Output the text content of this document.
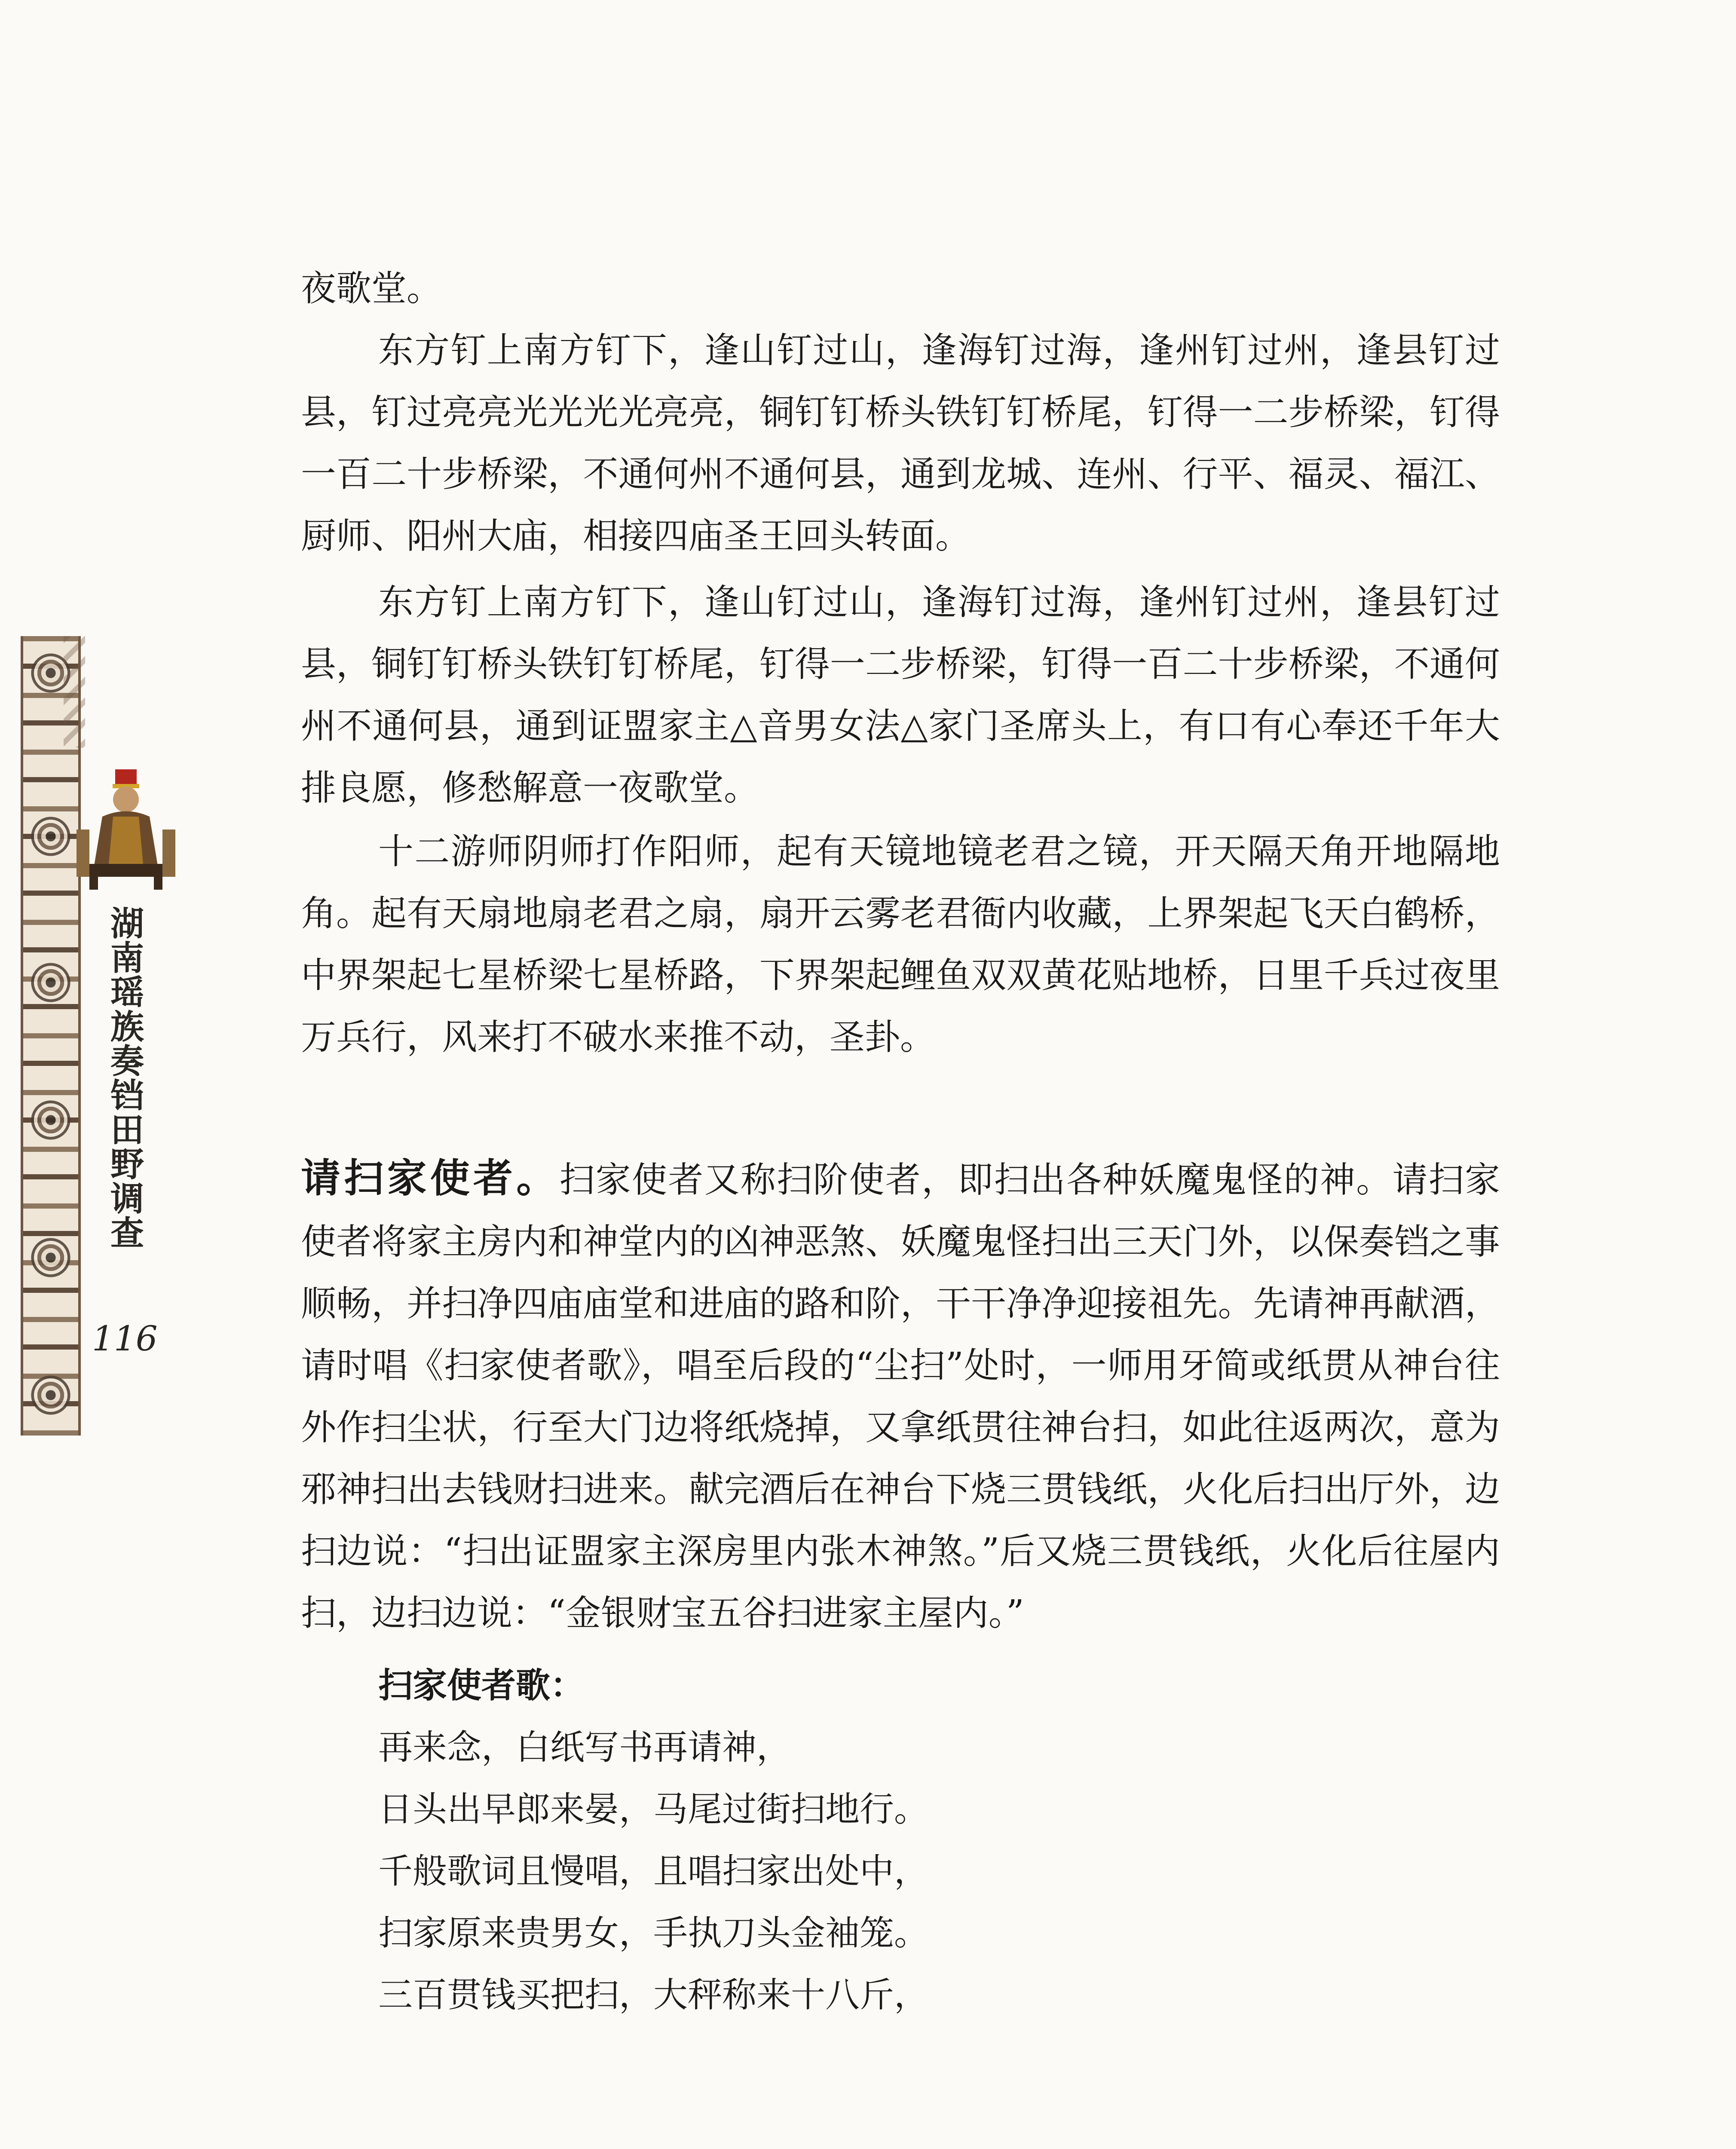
湖
南
瑶
族
奏
铛
田
野
调
查
116
夜歌堂。
东方钉上南方钉下，逢山钉过山，逢海钉过海，逢州钉过州，逢县钉过县，钉过亮亮光光光光亮亮，铜钉钉桥头铁钉钉桥尾，钉得一二步桥梁，钉得一百二十步桥梁，不通何州不通何县，通到龙城、连州、行平、福灵、福江、厨师、阳州大庙，相接四庙圣王回头转面。
东方钉上南方钉下，逢山钉过山，逢海钉过海，逢州钉过州，逢县钉过县，铜钉钉桥头铁钉钉桥尾，钉得一二步桥梁，钉得一百二十步桥梁，不通何州不通何县，通到证盟家主△音男女法△家门圣席头上，有口有心奉还千年大排良愿，修愁解意一夜歌堂。
十二游师阴师打作阳师，起有天镜地镜老君之镜，开天隔天角开地隔地角。起有天扇地扇老君之扇，扇开云雾老君衙内收藏，上界架起飞天白鹤桥，中界架起七星桥梁七星桥路，下界架起鲤鱼双双黄花贴地桥，日里千兵过夜里万兵行，风来打不破水来推不动，圣卦。
请扫家使者。扫家使者又称扫阶使者，即扫出各种妖魔鬼怪的神。请扫家使者将家主房内和神堂内的凶神恶煞、妖魔鬼怪扫出三天门外，以保奏铛之事顺畅，并扫净四庙庙堂和进庙的路和阶，干干净净迎接祖先。先请神再献酒，请时唱《扫家使者歌》，唱至后段的“尘扫”处时，一师用牙简或纸贯从神台往外作扫尘状，行至大门边将纸烧掉，又拿纸贯往神台扫，如此往返两次，意为邪神扫出去钱财扫进来。献完酒后在神台下烧三贯钱纸，火化后扫出厅外，边扫边说：“扫出证盟家主深房里内张木神煞。”后又烧三贯钱纸，火化后往屋内扫，边扫边说：“金银财宝五谷扫进家主屋内。”
扫家使者歌：
再来念，白纸写书再请神，
日头出早郎来晏，马尾过街扫地行。
千般歌词且慢唱，且唱扫家出处中，
扫家原来贵男女，手执刀头金袖笼。
三百贯钱买把扫，大秤称来十八斤，
